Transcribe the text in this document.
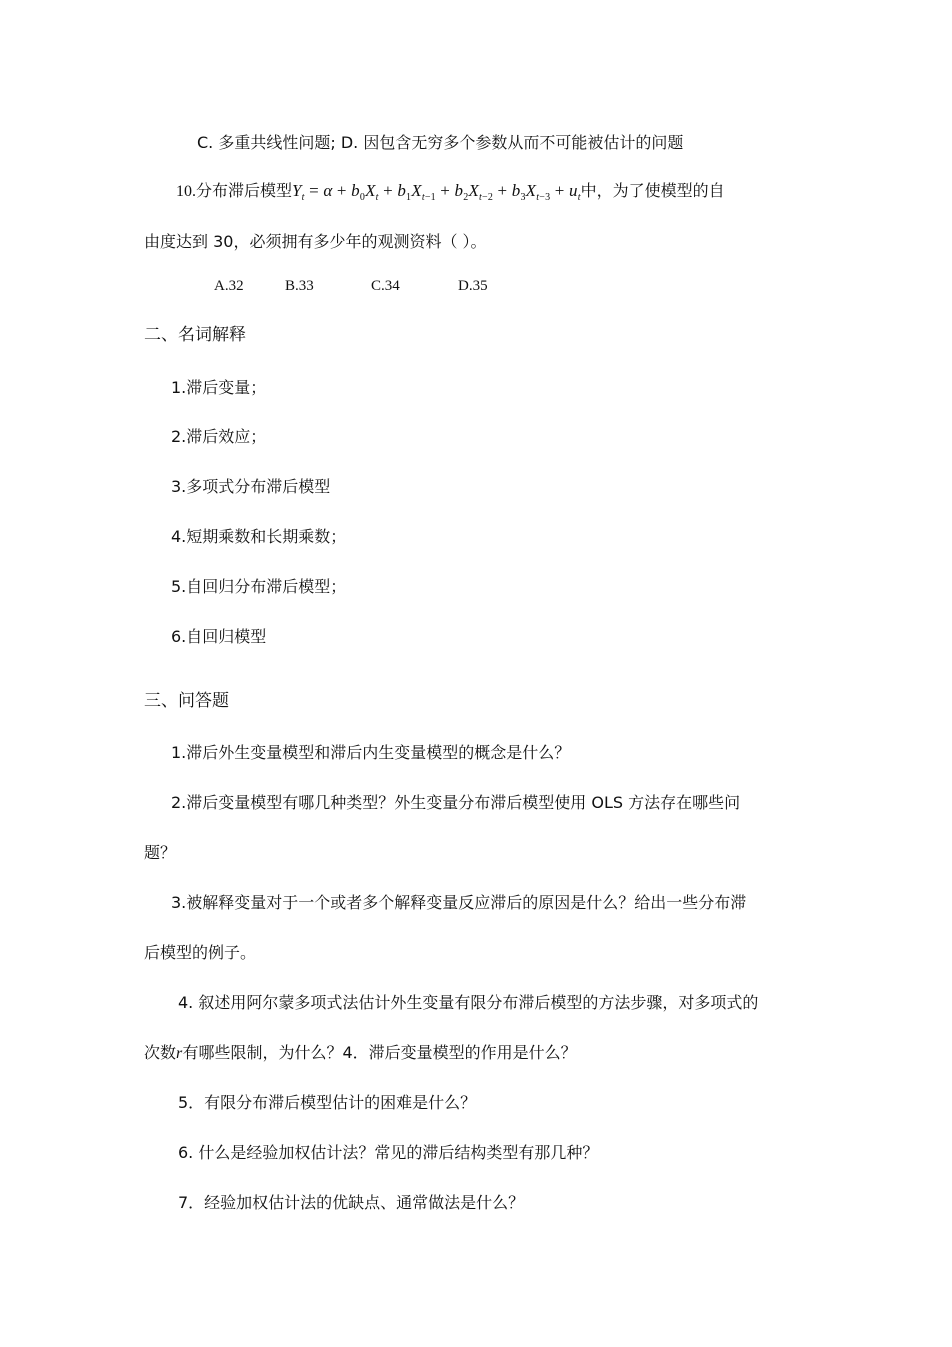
C. 多重共线性问题; D. 因包含无穷多个参数从而不可能被估计的问题
10.分布滞后模型$Y_t = \alpha + b_0X_t + b_1X_{t-1} + b_2X_{t-2} + b_3X_{t-3} + u_t$中，为了使模型的自
由度达到 30，必须拥有多少年的观测资料（ ）。
A.32	B.33	C.34	D.35
二、名词解释
1.滞后变量；
2.滞后效应；
3.多项式分布滞后模型
4.短期乘数和长期乘数；
5.自回归分布滞后模型；
6.自回归模型
三、问答题
1.滞后外生变量模型和滞后内生变量模型的概念是什么？
2.滞后变量模型有哪几种类型？外生变量分布滞后模型使用 OLS 方法存在哪些问
题？
3.被解释变量对于一个或者多个解释变量反应滞后的原因是什么？给出一些分布滞
后模型的例子。
4. 叙述用阿尔蒙多项式法估计外生变量有限分布滞后模型的方法步骤，对多项式的
次数r有哪些限制，为什么？4．滞后变量模型的作用是什么？
5．有限分布滞后模型估计的困难是什么？
6. 什么是经验加权估计法？常见的滞后结构类型有那几种？
7．经验加权估计法的优缺点、通常做法是什么？
